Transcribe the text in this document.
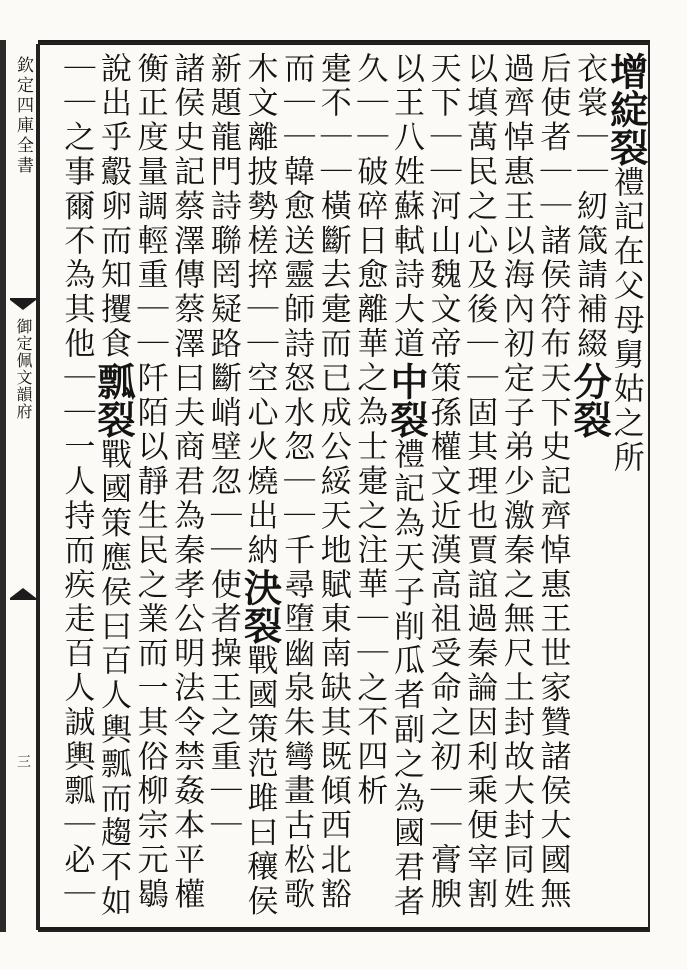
欽定四庫全書
御定佩文韻府
三
增
綻
裂
禮記在父母舅姑之所
衣裳｜｜紉箴請補綴
分裂
后使者｜｜諸侯符布天下史記齊悼惠王世家贊諸侯大國無
過齊悼惠王以海內初定子弟少激秦之無尺土封故大封同姓
以填萬民之心及後｜｜固其理也賈誼過秦論因利乘便宰割
天下｜｜河山魏文帝策孫權文近漢高祖受命之初｜｜膏腴
以王八姓蘇軾詩大道
中裂
禮記為天子削瓜者副之為國君者
久｜｜破碎日愈離
華之為士疐之注華｜｜之不四析
疐不｜｜橫斷去疐而已成公綏天地賦東南缺其既傾西北豁
而｜｜韓愈送靈師詩怒水忽｜｜千尋墮幽泉朱彎畫古松歌
木文離披勢槎捽｜｜空心火燒出納
決裂
戰國策范雎曰穰侯
新題龍門詩聯罔疑路斷峭壁忽｜｜
使者操王之重｜｜
諸侯史記蔡澤傳蔡澤曰夫商君為秦孝公明法令禁姦本平權
衡正度量調輕重｜｜阡陌以靜生民之業而一其俗柳宗元鶡
說出乎鷇卵而知攫食
瓢裂
戰國策應侯曰百人輿瓢而趨不如
｜｜之事爾不為其他｜｜一人持而疾走百人誠輿瓢｜必｜
